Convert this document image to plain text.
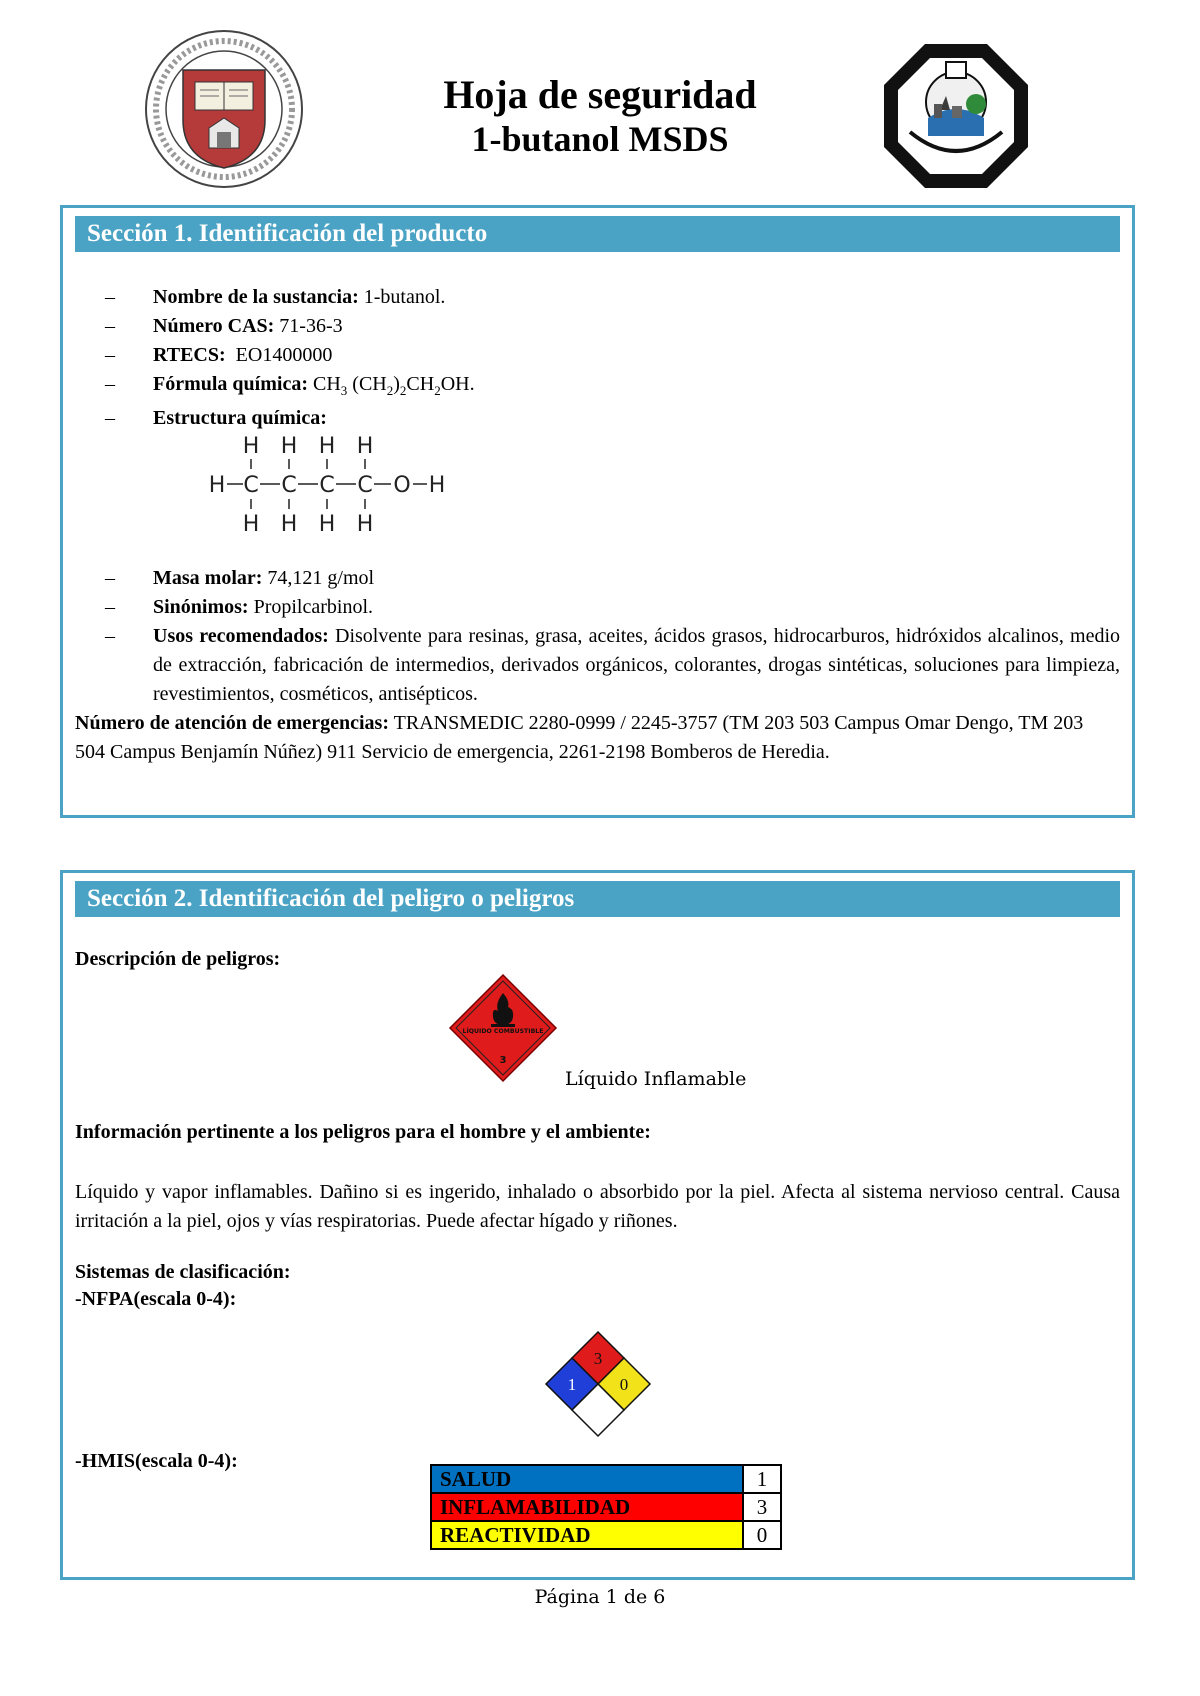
Hoja de seguridad
1-butanol MSDS
Sección 1. Identificación del producto
– Nombre de la sustancia: 1-butanol.
– Número CAS: 71-36-3
– RTECS:  EO1400000
– Fórmula química: $CH_3$ $(CH_2)_2CH_2OH$.
– Estructura química:
H H H H
H C C C C O H
H H H H
– Masa molar: 74,121 g/mol
– Sinónimos: Propilcarbinol.
– Usos recomendados: Disolvente para resinas, grasa, aceites, ácidos grasos, hidrocarburos, hidróxidos alcalinos, medio de extracción, fabricación de intermedios, derivados orgánicos, colorantes, drogas sintéticas, soluciones para limpieza, revestimientos, cosméticos, antisépticos.
Número de atención de emergencias: TRANSMEDIC 2280-0999 / 2245-3757 (TM 203 503 Campus Omar Dengo, TM 203 504 Campus Benjamín Núñez) 911 Servicio de emergencia, 2261-2198 Bomberos de Heredia.
Sección 2. Identificación del peligro o peligros
Descripción de peligros:
LÍQUIDO COMBUSTIBLE
3
Líquido Inflamable
Información pertinente a los peligros para el hombre y el ambiente:
Líquido y vapor inflamables. Dañino si es ingerido, inhalado o absorbido por la piel. Afecta al sistema nervioso central. Causa irritación a la piel, ojos y vías respiratorias. Puede afectar hígado y riñones.
Sistemas de clasificación:
-NFPA(escala 0-4):
3
1	0
-HMIS(escala 0-4):
SALUD	1
INFLAMABILIDAD	3
REACTIVIDAD	0
Página 1 de 6
